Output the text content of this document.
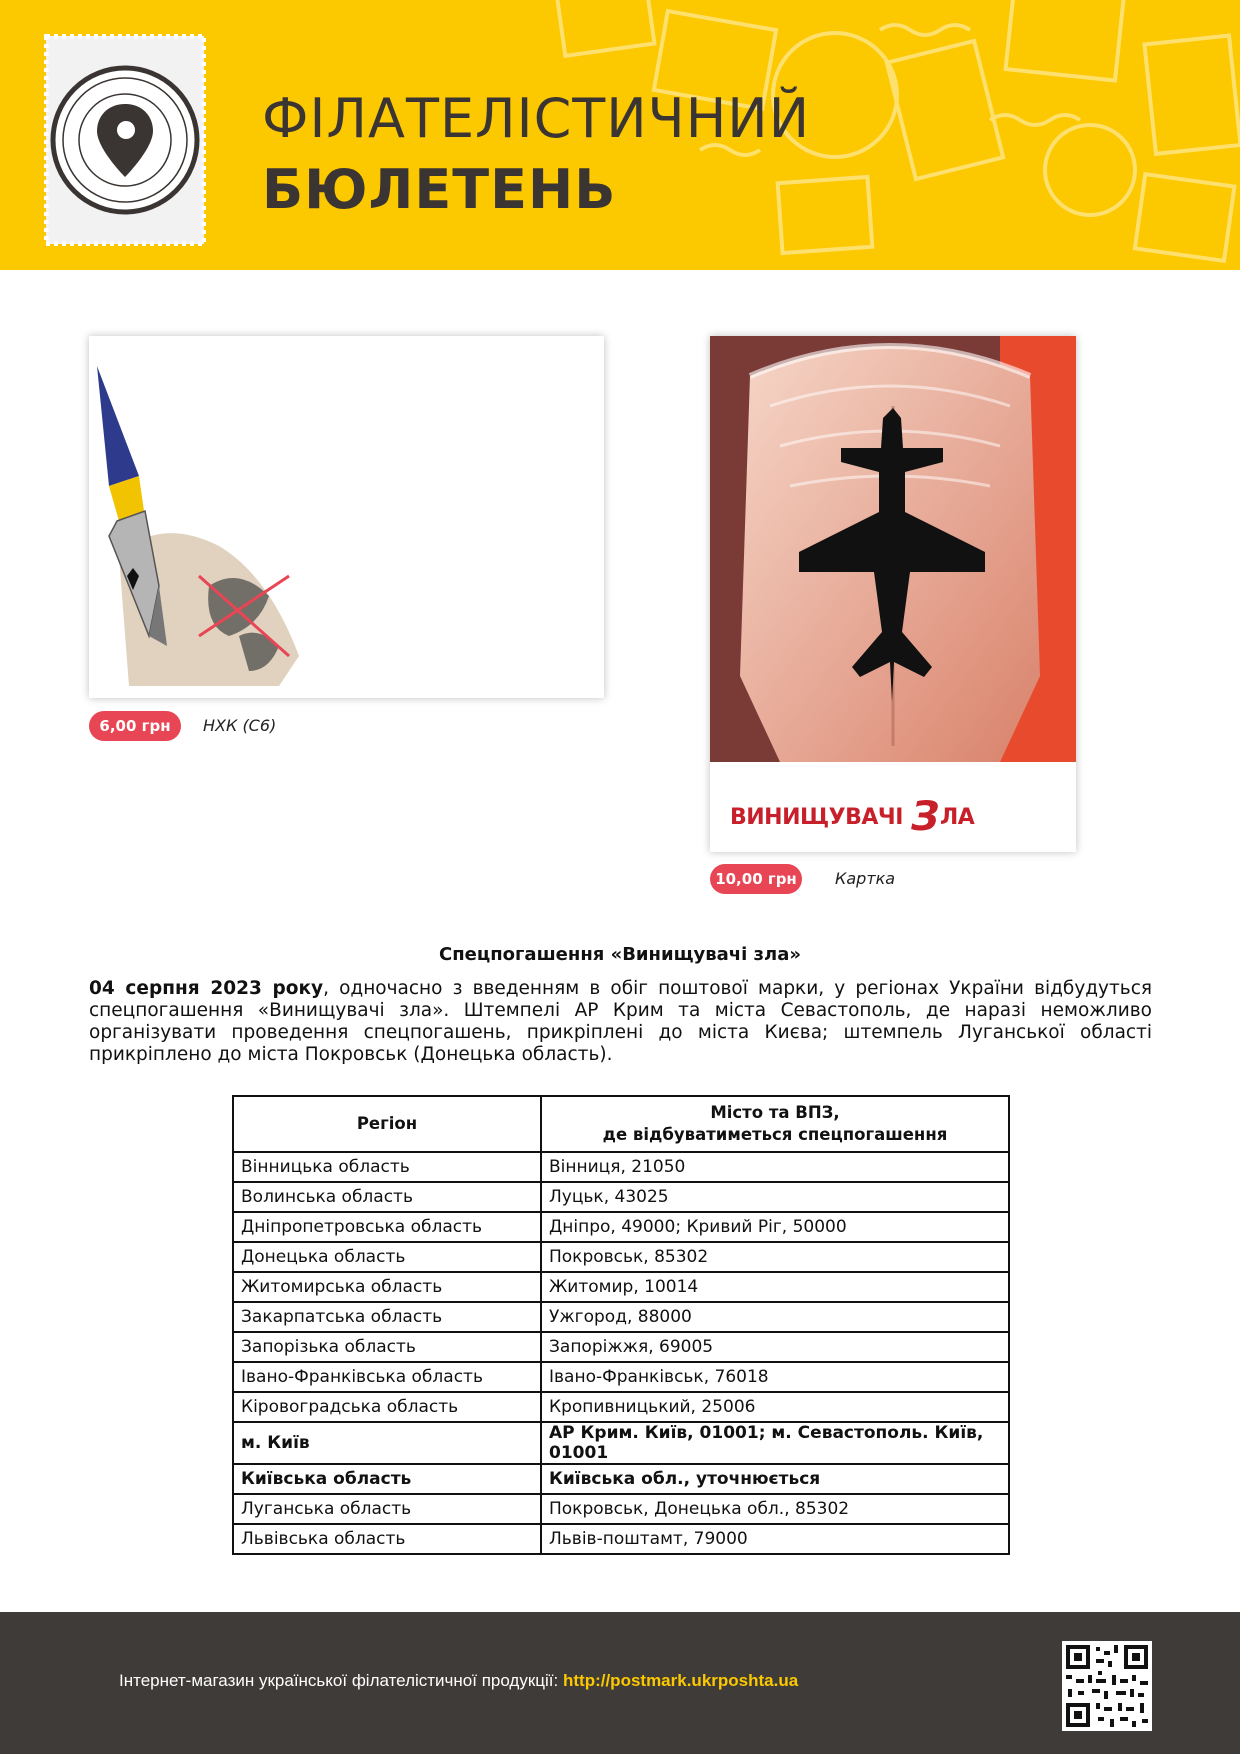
ФІЛАТЕЛІСТИЧНИЙ
БЮЛЕТЕНЬ
6,00 грн	НХК (С6)
ВИНИЩУВАЧІ ЗЛА
10,00 грн	Картка
Спецпогашення «Винищувачі зла»

04 серпня 2023 року, одночасно з введенням в обіг поштової марки, у регіонах України відбудуться спецпогашення «Винищувачі зла». Штемпелі АР Крим та міста Севастополь, де наразі неможливо організувати проведення спецпогашень, прикріплені до міста Києва; штемпель Луганської області прикріплено до міста Покровськ (Донецька область).

Регіон	Місто та ВПЗ,
де відбуватиметься спецпогашення
Вінницька область	Вінниця, 21050
Волинська область	Луцьк, 43025
Дніпропетровська область	Дніпро, 49000; Кривий Ріг, 50000
Донецька область	Покровськ, 85302
Житомирська область	Житомир, 10014
Закарпатська область	Ужгород, 88000
Запорізька область	Запоріжжя, 69005
Івано-Франківська область	Івано-Франківськ, 76018
Кіровоградська область	Кропивницький, 25006
м. Київ	АР Крим. Київ, 01001; м. Севастополь. Київ, 01001
Київська область	Київська обл., уточнюється
Луганська область	Покровськ, Донецька обл., 85302
Львівська область	Львів-поштамт, 79000
Інтернет-магазин української філателістичної продукції: http://postmark.ukrposhta.ua
